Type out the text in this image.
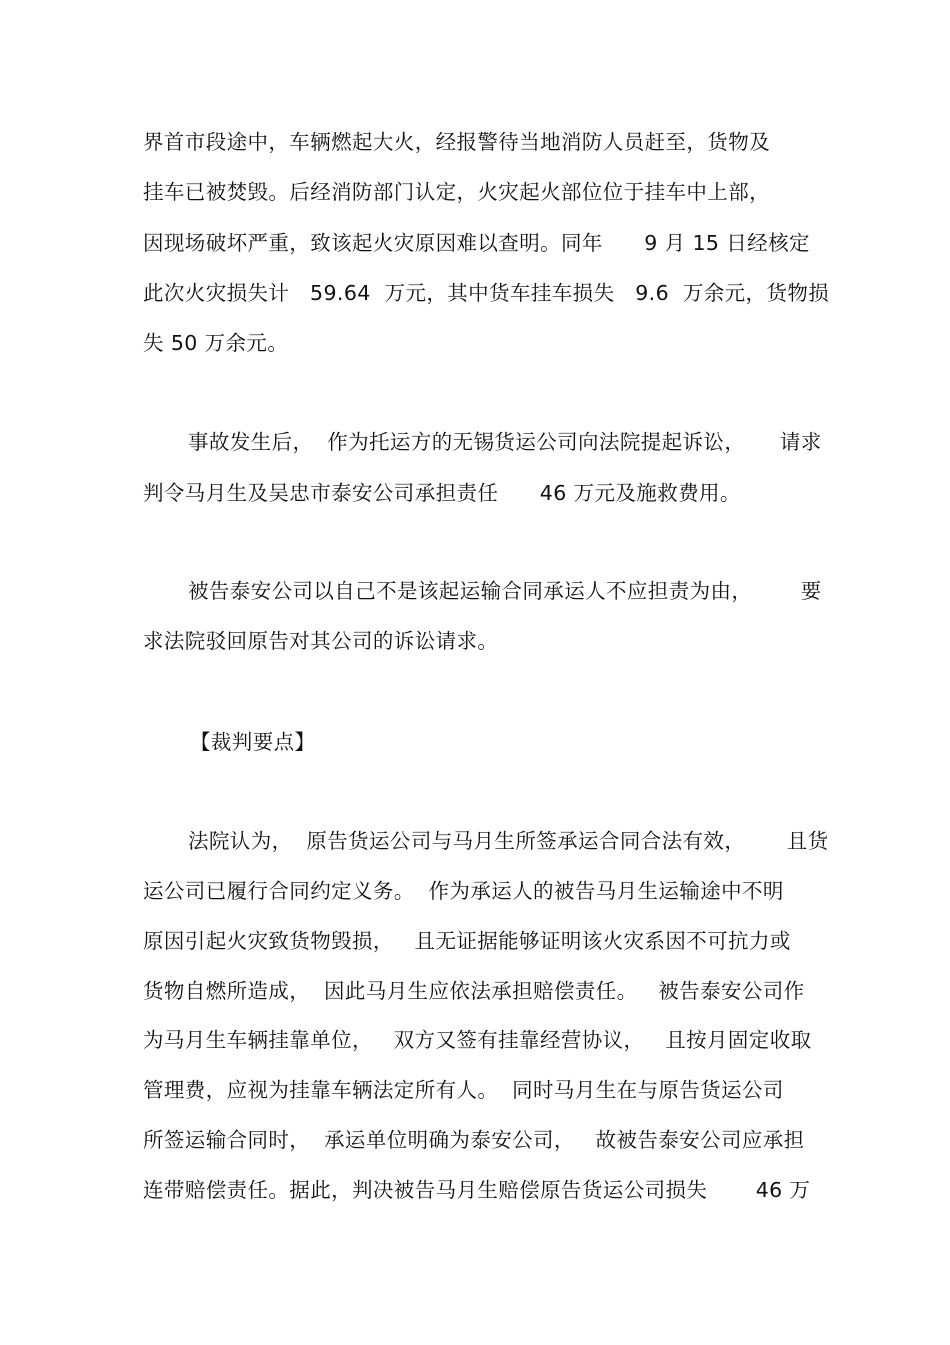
界首市段途中，车辆燃起大火，经报警待当地消防人员赶至，货物及
挂车已被焚毁。后经消防部门认定，火灾起火部位位于挂车中上部，
因现场破坏严重，致该起火灾原因难以查明。同年      9 月 15 日经核定
此次火灾损失计   59.64  万元，其中货车挂车损失   9.6  万余元，货物损
失 50 万余元。
事故发生后，  作为托运方的无锡货运公司向法院提起诉讼，     请求
判令马月生及吴忠市泰安公司承担责任      46 万元及施救费用。
被告泰安公司以自己不是该起运输合同承运人不应担责为由，       要
求法院驳回原告对其公司的诉讼请求。
【裁判要点】
法院认为，  原告货运公司与马月生所签承运合同合法有效，      且货
运公司已履行合同约定义务。  作为承运人的被告马月生运输途中不明
原因引起火灾致货物毁损，   且无证据能够证明该火灾系因不可抗力或
货物自燃所造成，  因此马月生应依法承担赔偿责任。   被告泰安公司作
为马月生车辆挂靠单位，   双方又签有挂靠经营协议，   且按月固定收取
管理费，应视为挂靠车辆法定所有人。  同时马月生在与原告货运公司
所签运输合同时，  承运单位明确为泰安公司，   故被告泰安公司应承担
连带赔偿责任。据此，判决被告马月生赔偿原告货运公司损失       46 万
